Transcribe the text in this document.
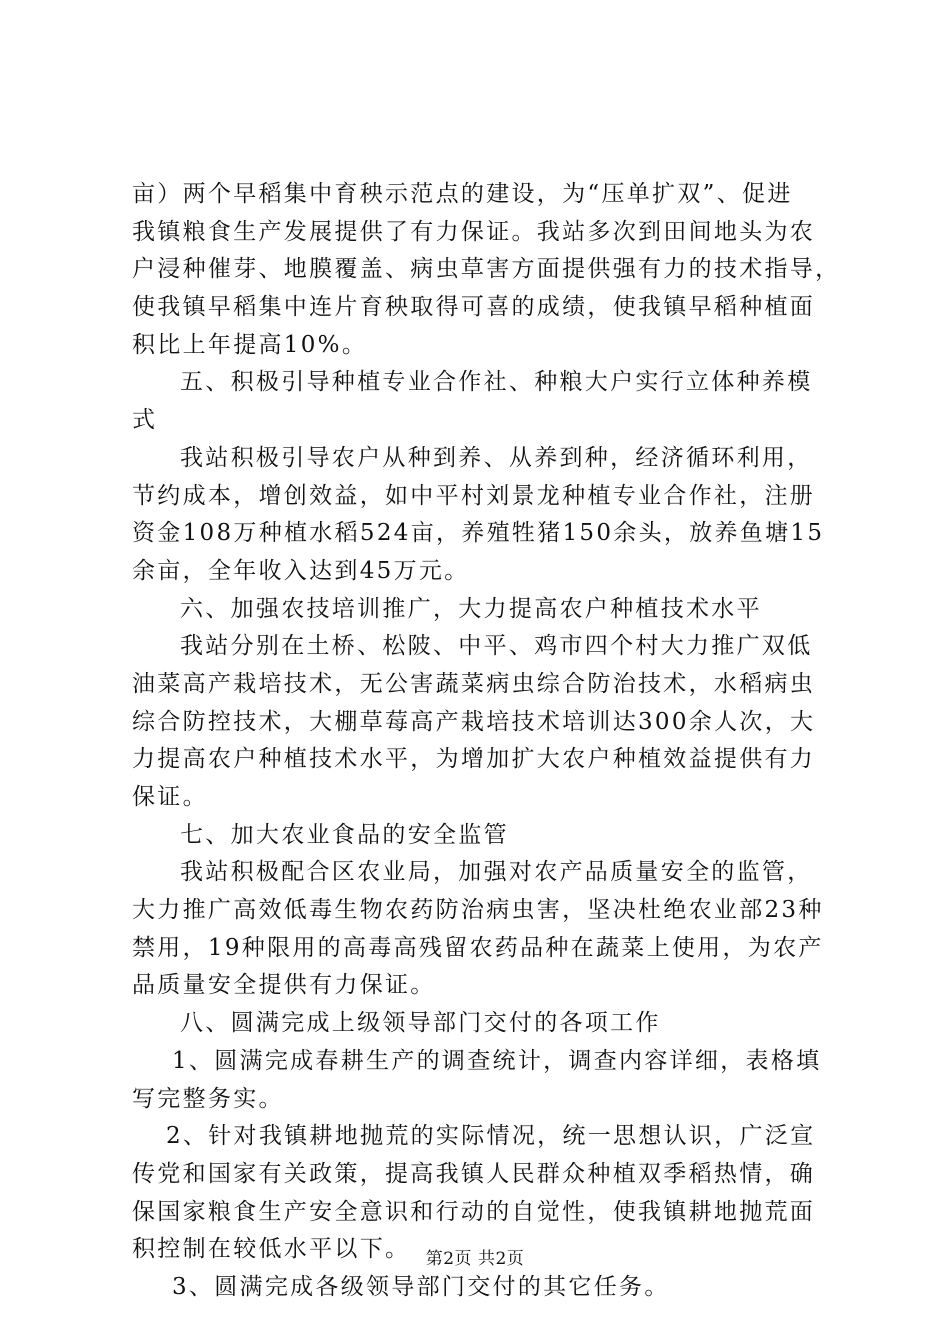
亩）两个早稻集中育秧示范点的建设，为“压单扩双”、促进
我镇粮食生产发展提供了有力保证。我站多次到田间地头为农
户浸种催芽、地膜覆盖、病虫草害方面提供强有力的技术指导，
使我镇早稻集中连片育秧取得可喜的成绩，使我镇早稻种植面
积比上年提高10%。
五、积极引导种植专业合作社、种粮大户实行立体种养模
式
我站积极引导农户从种到养、从养到种，经济循环利用，
节约成本，增创效益，如中平村刘景龙种植专业合作社，注册
资金108万种植水稻524亩，养殖牲猪150余头，放养鱼塘15
余亩，全年收入达到45万元。
六、加强农技培训推广，大力提高农户种植技术水平
我站分别在土桥、松陂、中平、鸡市四个村大力推广双低
油菜高产栽培技术，无公害蔬菜病虫综合防治技术，水稻病虫
综合防控技术，大棚草莓高产栽培技术培训达300余人次，大
力提高农户种植技术水平，为增加扩大农户种植效益提供有力
保证。
七、加大农业食品的安全监管
我站积极配合区农业局，加强对农产品质量安全的监管，
大力推广高效低毒生物农药防治病虫害，坚决杜绝农业部23种
禁用，19种限用的高毒高残留农药品种在蔬菜上使用，为农产
品质量安全提供有力保证。
八、圆满完成上级领导部门交付的各项工作
1、圆满完成春耕生产的调查统计，调查内容详细，表格填
写完整务实。
2、针对我镇耕地抛荒的实际情况，统一思想认识，广泛宣
传党和国家有关政策，提高我镇人民群众种植双季稻热情，确
保国家粮食生产安全意识和行动的自觉性，使我镇耕地抛荒面
积控制在较低水平以下。
3、圆满完成各级领导部门交付的其它任务。
第2页 共2页
